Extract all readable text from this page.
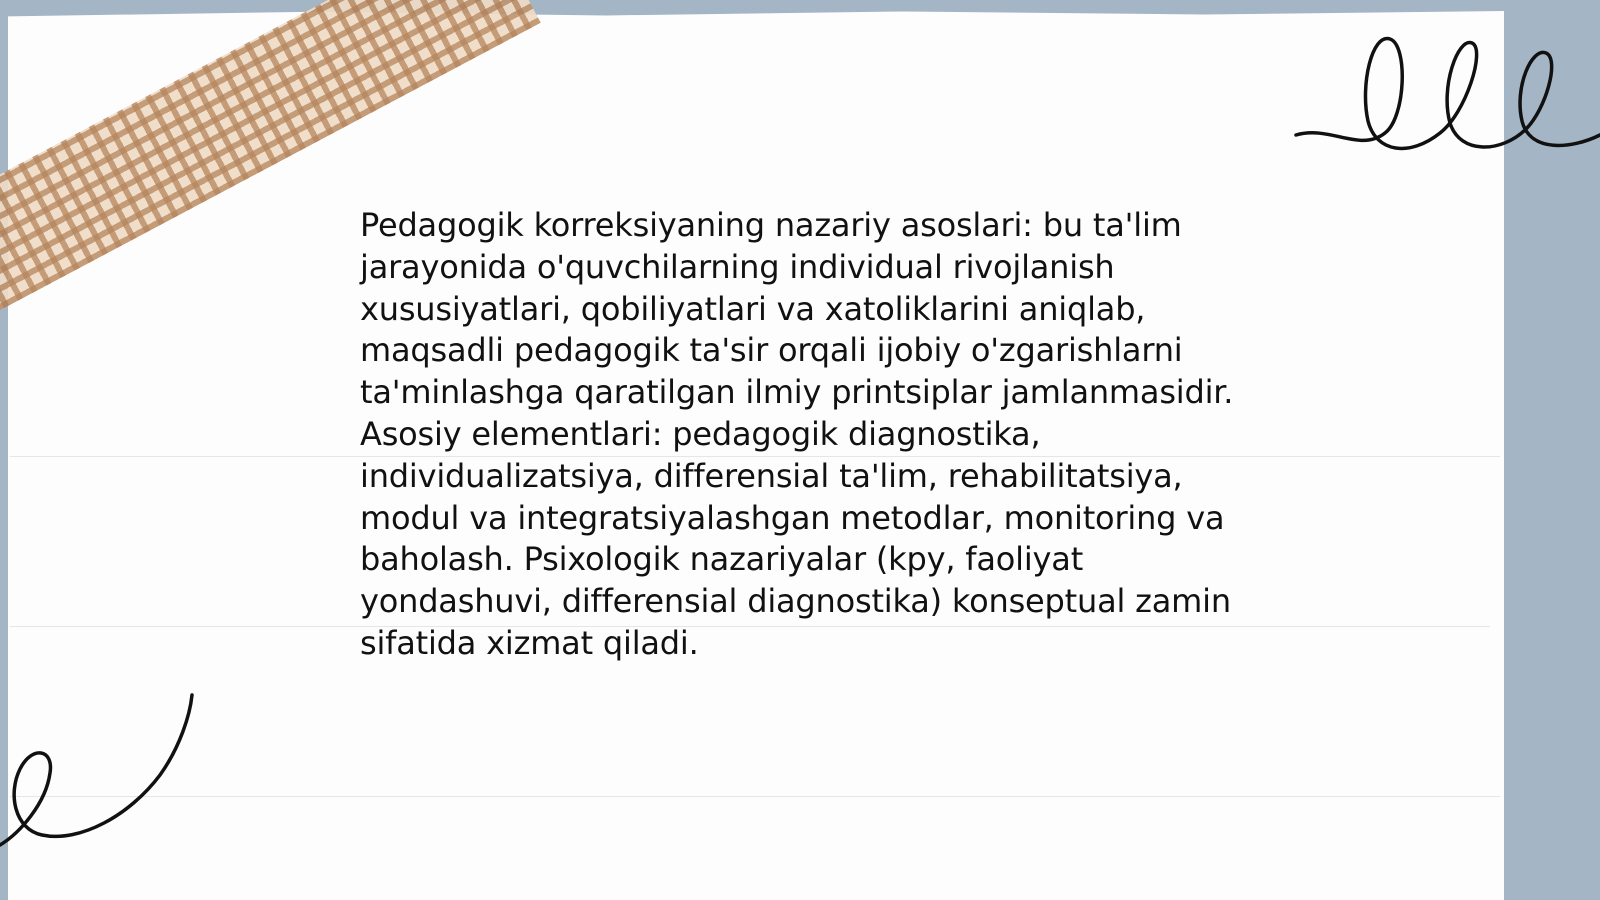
Pedagogik korreksiyaning nazariy asoslari: bu ta'lim jarayonida o'quvchilarning individual rivojlanish xususiyatlari, qobiliyatlari va xatoliklarini aniqlab, maqsadli pedagogik ta'sir orqali ijobiy o'zgarishlarni ta'minlashga qaratilgan ilmiy printsiplar jamlanmasidir. Asosiy elementlari: pedagogik diagnostika, individualizatsiya, differensial ta'lim, rehabilitatsiya, modul va integratsiyalashgan metodlar, monitoring va baholash. Psixologik nazariyalar (kpy, faoliyat yondashuvi, differensial diagnostika) konseptual zamin sifatida xizmat qiladi.
